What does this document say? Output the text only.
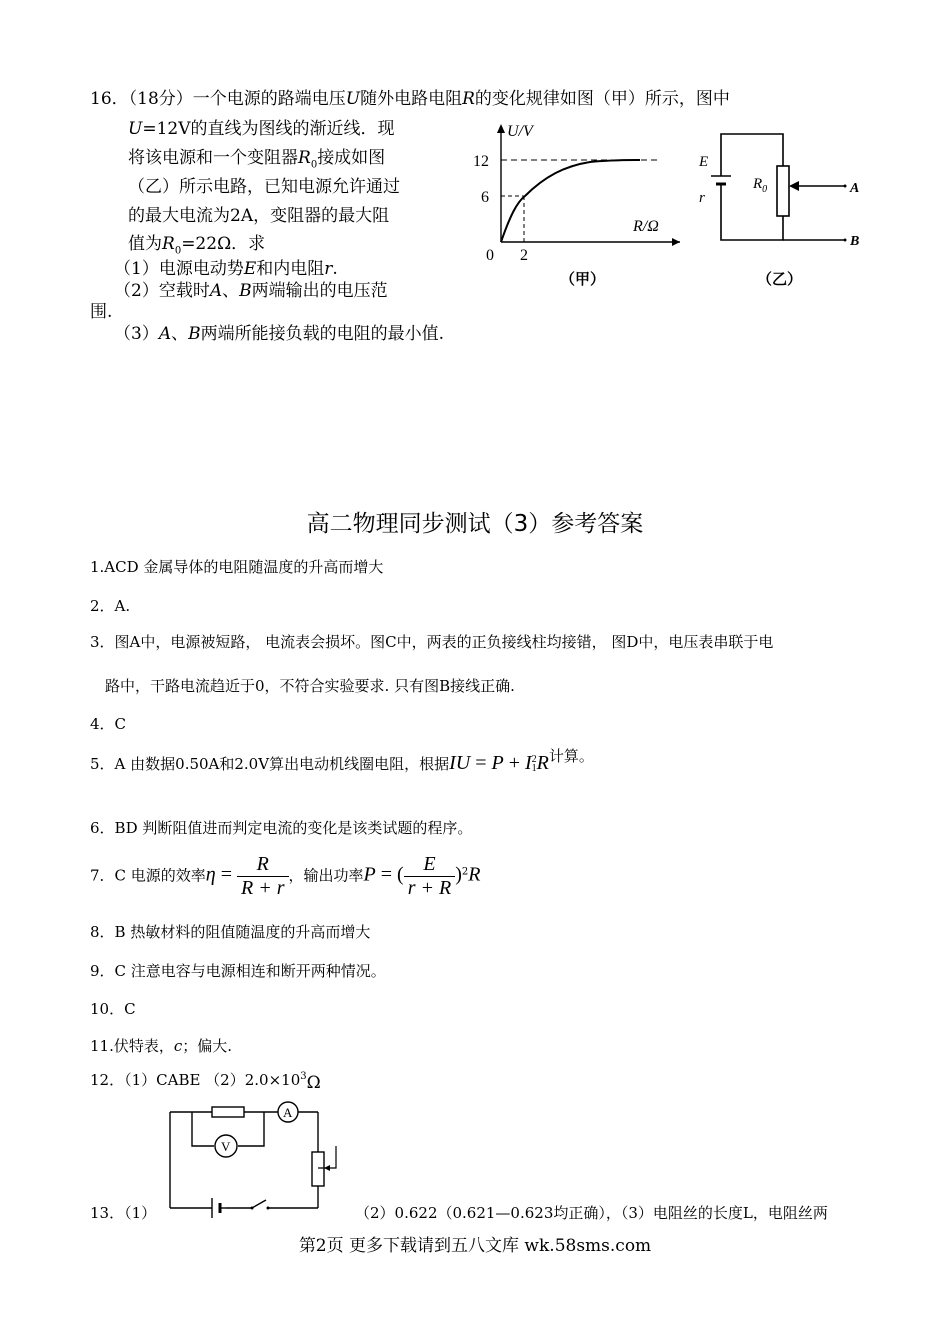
16．（18分）一个电源的路端电压U随外电路电阻R的变化规律如图（甲）所示，图中
U=12V的直线为图线的渐近线．现
将该电源和一个变阻器$R_0$接成如图
（乙）所示电路，已知电源允许通过
的最大电流为2A，变阻器的最大阻
值为$R_0=22\Omega$．求
（1）电源电动势E和内电阻r.
（2）空载时A、B两端输出的电压范
围.
（3）A、B两端所能接负载的电阻的最小值.
U/V
R/Ω
12
6
0 2
（甲）
E
r
$R_0$	A
B
（乙）
高二物理同步测试（3）参考答案
1.ACD 金属导体的电阻随温度的升高而增大
2．A.
3．图A中，电源被短路， 电流表会损坏。图C中，两表的正负接线柱均接错， 图D中，电压表串联于电
路中，干路电流趋近于0，不符合实验要求. 只有图B接线正确.
4．C
5．A 由数据0.50A和2.0V算出电动机线圈电阻，根据IU = P + I 2
1 R计算。
6．BD 判断阻值进而判定电流的变化是该类试题的程序。
7．C 电源的效率$\eta = \frac{R}{R + r}$ ，输出功率P = ( $\frac{E}{r + R} )^2R$
8．B 热敏材料的阻值随温度的升高而增大
9．C 注意电容与电源相连和断开两种情况。
10．C
11.伏特表，c；偏大.
12．（1）CABE $(2)2.0\times 10^3\Omega$
V
A
13．（1）	（2）0.622（0.621—0.623均正确），（3）电阻丝的长度L，电阻丝两
第2页 更多下载请到五八文库 wk.58sms.com
